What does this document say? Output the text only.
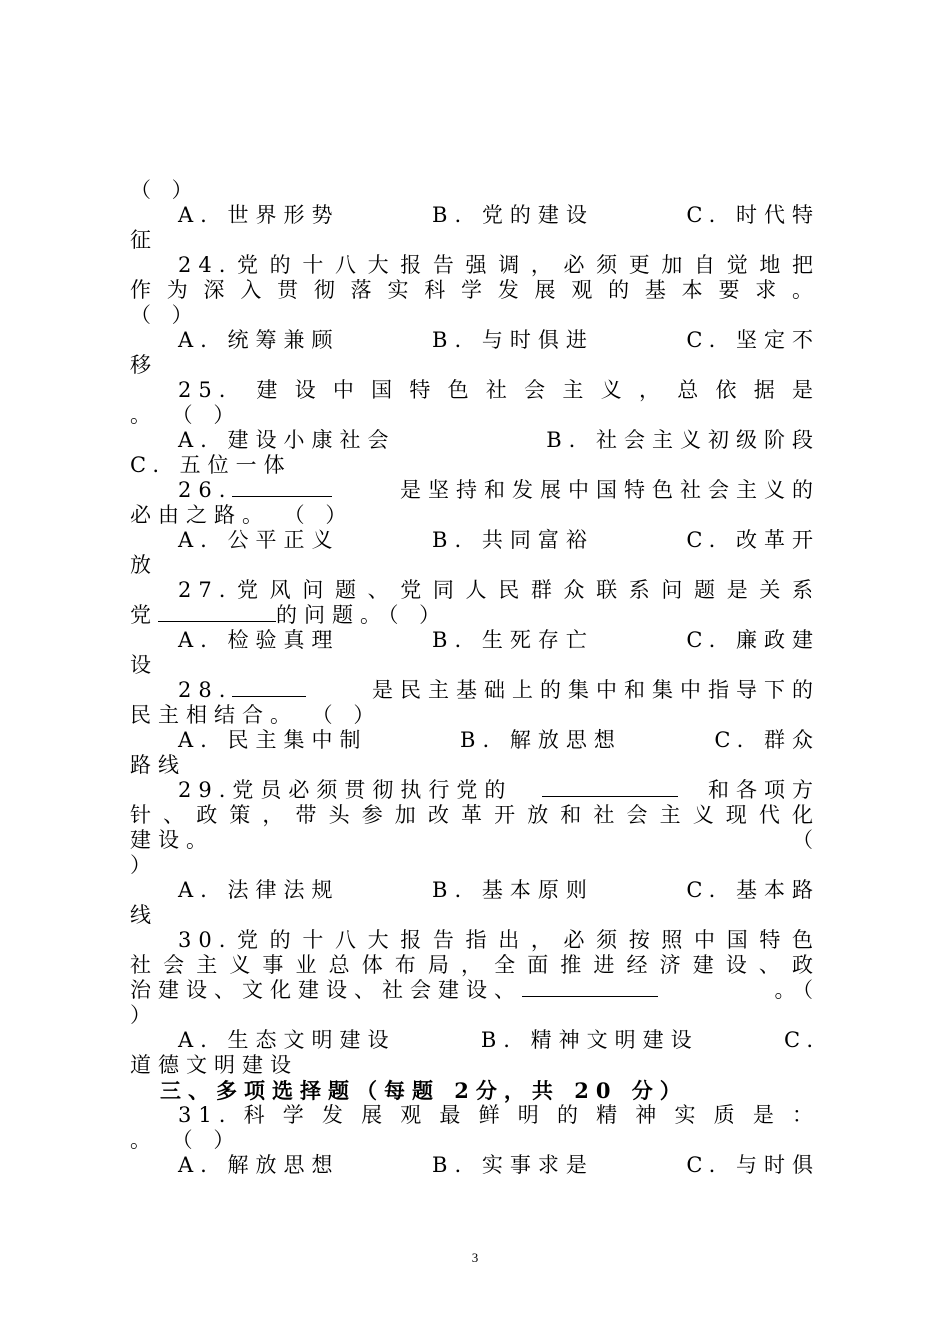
（ ）
A. 世界形势	B. 党的建设	C. 时代特
征
24.党的十八大报告强调，必须更加自觉地把
作为深入贯彻落实科学发展观的基本要求。
（ ）
A. 统筹兼顾	B. 与时俱进	C. 坚定不
移
25. 建设中国特色社会主义，总依据是
。 （ ）
A. 建设小康社会	B. 社会主义初级阶段
C. 五位一体
26.	是坚持和发展中国特色社会主义的
必由之路。 （ ）
A. 公平正义	B. 共同富裕	C. 改革开
放
27.党风问题、党同人民群众联系问题是关系
党	的问题。（ ）
A. 检验真理	B. 生死存亡	C. 廉政建
设
28.	是民主基础上的集中和集中指导下的
民主相结合。 （ ）
A. 民主集中制	B. 解放思想	C. 群众
路线
29.党员必须贯彻执行党的	和各项方
针、政策，带头参加改革开放和社会主义现代化
建设。	（
）
A. 法律法规	B. 基本原则	C. 基本路
线
30.党的十八大报告指出，必须按照中国特色
社会主义事业总体布局，全面推进经济建设、政
治建设、文化建设、社会建设、	。（
）
A. 生态文明建设	B. 精神文明建设	C.
道德文明建设
三、多项选择题（每题 2分，共 20 分）
31.科学发展观最鲜明的精神实质是：
。 （ ）
A. 解放思想	B. 实事求是	C. 与时俱
3
